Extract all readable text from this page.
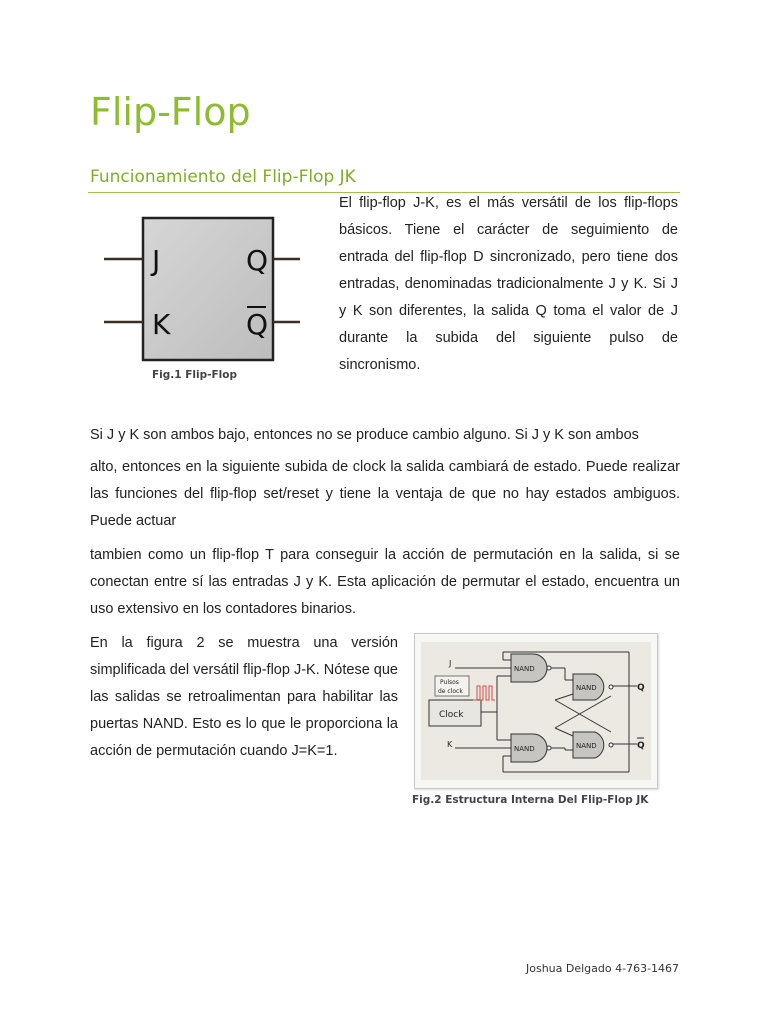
Flip-Flop
Funcionamiento del Flip-Flop JK
J
K
Q
Q
Fig.1 Flip-Flop

El flip-flop J-K, es el más versátil de los flip-flops básicos. Tiene el carácter de seguimiento de entrada del flip-flop D sincronizado, pero tiene dos entradas, denominadas tradicionalmente J y K. Si J y K son diferentes, la salida Q toma el valor de J durante la subida del siguiente pulso de sincronismo.

Si J y K son ambos bajo, entonces no se produce cambio alguno. Si J y K son ambos

alto, entonces en la siguiente subida de clock la salida cambiará de estado. Puede realizar las funciones del flip-flop set/reset y tiene la ventaja de que no hay estados ambiguos. Puede actuar

tambien como un flip-flop T para conseguir la acción de permutación en la salida, si se conectan entre sí las entradas J y K. Esta aplicación de permutar el estado, encuentra un uso extensivo en los contadores binarios.

En la figura 2 se muestra una versión simplificada del versátil flip-flop J-K. Nótese que las salidas se retroalimentan para habilitar las puertas NAND. Esto es lo que le proporciona la acción de permutación cuando J=K=1.

Clock
Pulsos
de clock
NAND
NAND
NAND
NAND
J
K
Q
Q
Fig.2 Estructura Interna Del Flip-Flop JK
Joshua Delgado 4-763-1467
